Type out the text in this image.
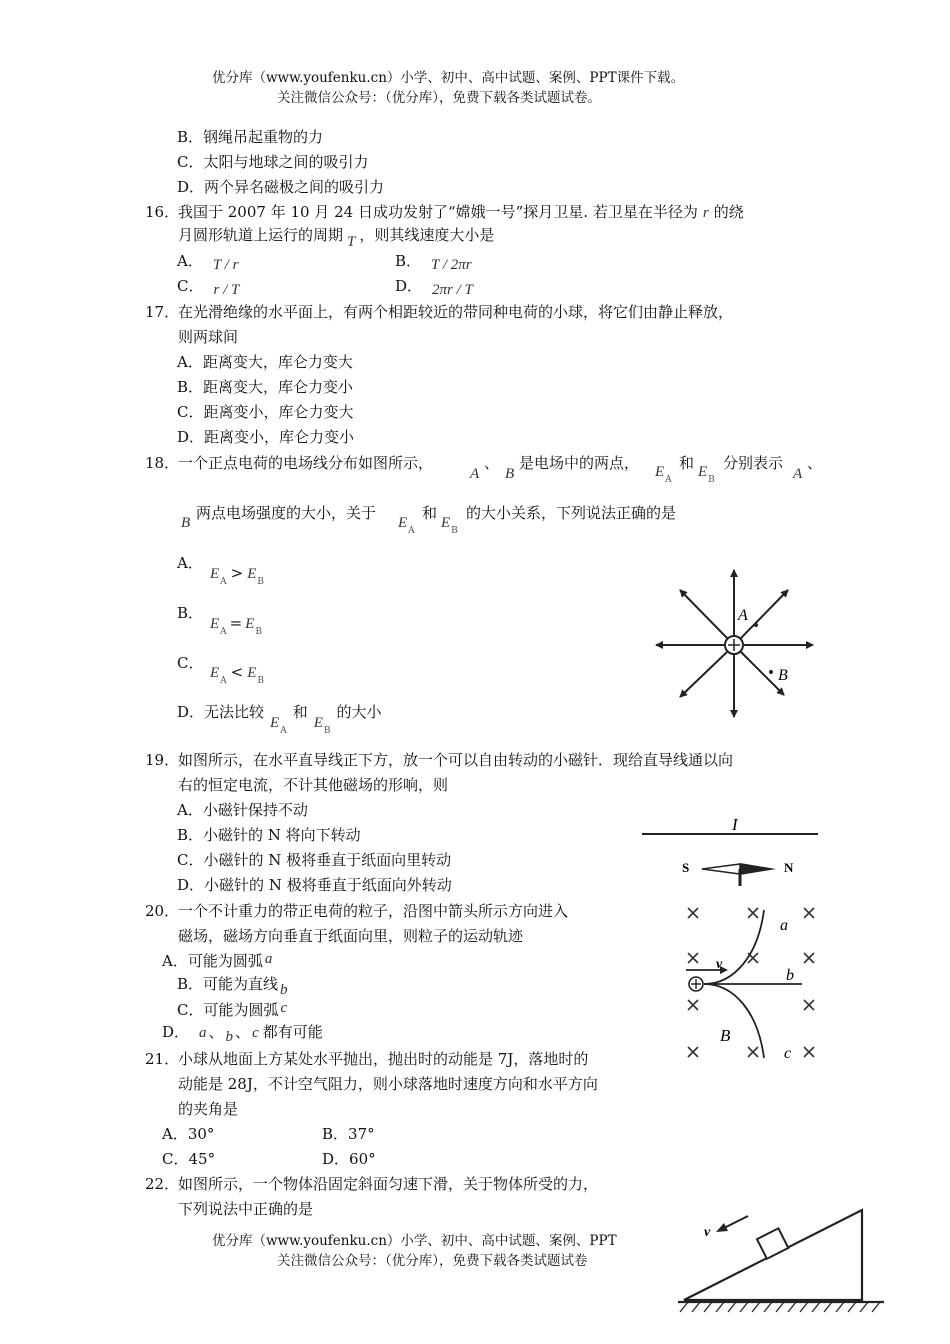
优分库（www.youfenku.cn）小学、初中、高中试题、案例、PPT课件下载。
关注微信公众号：（优分库），免费下载各类试题试卷。
B．钢绳吊起重物的力
C．太阳与地球之间的吸引力
D．两个异名磁极之间的吸引力
16．
我国于 2007 年 10 月 24 日成功发射了“嫦娥一号”探月卫星. 若卫星在半径为 r 的绕
月圆形轨道上运行的周期 T ，则其线速度大小是
A． T / r	B． T / 2πr
C． r / T	D． 2πr / T
17．
在光滑绝缘的水平面上，有两个相距较近的带同种电荷的小球，将它们由静止释放，
则两球间
A．距离变大，库仑力变大
B．距离变大，库仑力变小
C．距离变小，库仑力变大
D．距离变小，库仑力变小
18．
一个正点电荷的电场线分布如图所示，
A
、
B
是电场中的两点， $E_A$
和 $E_B$
分别表示
A
、
B
两点电场强度的大小，关于
$E_A$
和
$E_B$
的大小关系，下列说法正确的是
A．
$E_A > E_B$
B．
$E_A = E_B$
C．
$E_A < E_B$
D．无法比较$E_A$和$E_B$的大小
A
B
19．
如图所示，在水平直导线正下方，放一个可以自由转动的小磁针．现给直导线通以向
右的恒定电流，不计其他磁场的形响，则
A．小磁针保持不动
B．小磁针的 N 将向下转动
C．小磁针的 N 极将垂直于纸面向里转动
D．小磁针的 N 极将垂直于纸面向外转动
I
S	N
20．
一个不计重力的带正电荷的粒子，沿图中箭头所示方向进入
磁场，磁场方向垂直于纸面向里，则粒子的运动轨迹
A．可能为圆弧 a
B．可能为直线 b
C．可能为圆弧 c
D． a 、 b 、 c 都有可能
v
a
b
c
B
21．
小球从地面上方某处水平抛出，抛出时的动能是 7J，落地时的
动能是 28J，不计空气阻力，则小球落地时速度方向和水平方向
的夹角是
A．30°	B．37°
C．45°	D．60°
22．
如图所示，一个物体沿固定斜面匀速下滑，关于物体所受的力，
下列说法中正确的是
v
优分库（www.youfenku.cn）小学、初中、高中试题、案例、PPT
关注微信公众号：（优分库），免费下载各类试题试卷
